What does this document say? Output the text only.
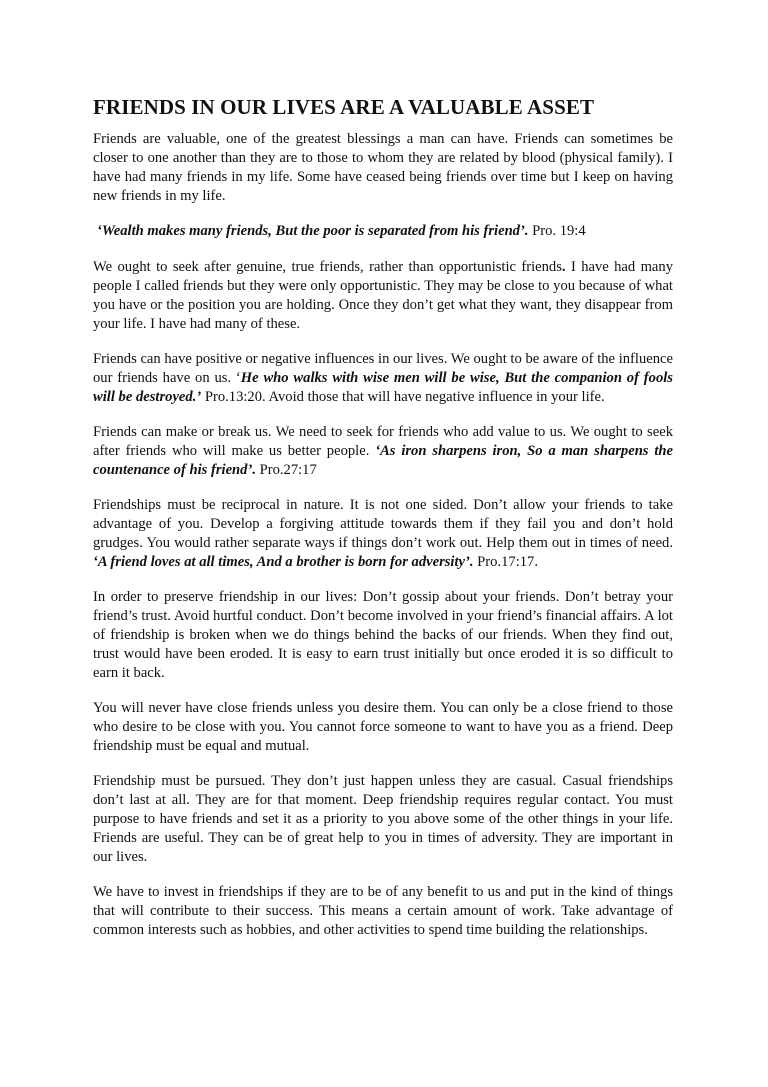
FRIENDS IN OUR LIVES ARE A VALUABLE ASSET

Friends are valuable, one of the greatest blessings a man can have. Friends can sometimes be closer to one another than they are to those to whom they are related by blood (physical family). I have had many friends in my life. Some have ceased being friends over time but I keep on having new friends in my life.

‘Wealth makes many friends, But the poor is separated from his friend’. Pro. 19:4

We ought to seek after genuine, true friends, rather than opportunistic friends. I have had many people I called friends but they were only opportunistic. They may be close to you because of what you have or the position you are holding. Once they don’t get what they want, they disappear from your life. I have had many of these.

Friends can have positive or negative influences in our lives. We ought to be aware of the influence our friends have on us. ‘He who walks with wise men will be wise, But the companion of fools will be destroyed.’ Pro.13:20. Avoid those that will have negative influence in your life.

Friends can make or break us. We need to seek for friends who add value to us. We ought to seek after friends who will make us better people. ‘As iron sharpens iron, So a man sharpens the countenance of his friend’. Pro.27:17

Friendships must be reciprocal in nature. It is not one sided. Don’t allow your friends to take advantage of you. Develop a forgiving attitude towards them if they fail you and don’t hold grudges. You would rather separate ways if things don’t work out. Help them out in times of need. ‘A friend loves at all times, And a brother is born for adversity’. Pro.17:17.

In order to preserve friendship in our lives: Don’t gossip about your friends. Don’t betray your friend’s trust. Avoid hurtful conduct. Don’t become involved in your friend’s financial affairs. A lot of friendship is broken when we do things behind the backs of our friends. When they find out, trust would have been eroded. It is easy to earn trust initially but once eroded it is so difficult to earn it back.

You will never have close friends unless you desire them. You can only be a close friend to those who desire to be close with you. You cannot force someone to want to have you as a friend. Deep friendship must be equal and mutual.

Friendship must be pursued. They don’t just happen unless they are casual. Casual friendships don’t last at all. They are for that moment. Deep friendship requires regular contact. You must purpose to have friends and set it as a priority to you above some of the other things in your life. Friends are useful. They can be of great help to you in times of adversity. They are important in our lives.

We have to invest in friendships if they are to be of any benefit to us and put in the kind of things that will contribute to their success. This means a certain amount of work. Take advantage of common interests such as hobbies, and other activities to spend time building the relationships.
